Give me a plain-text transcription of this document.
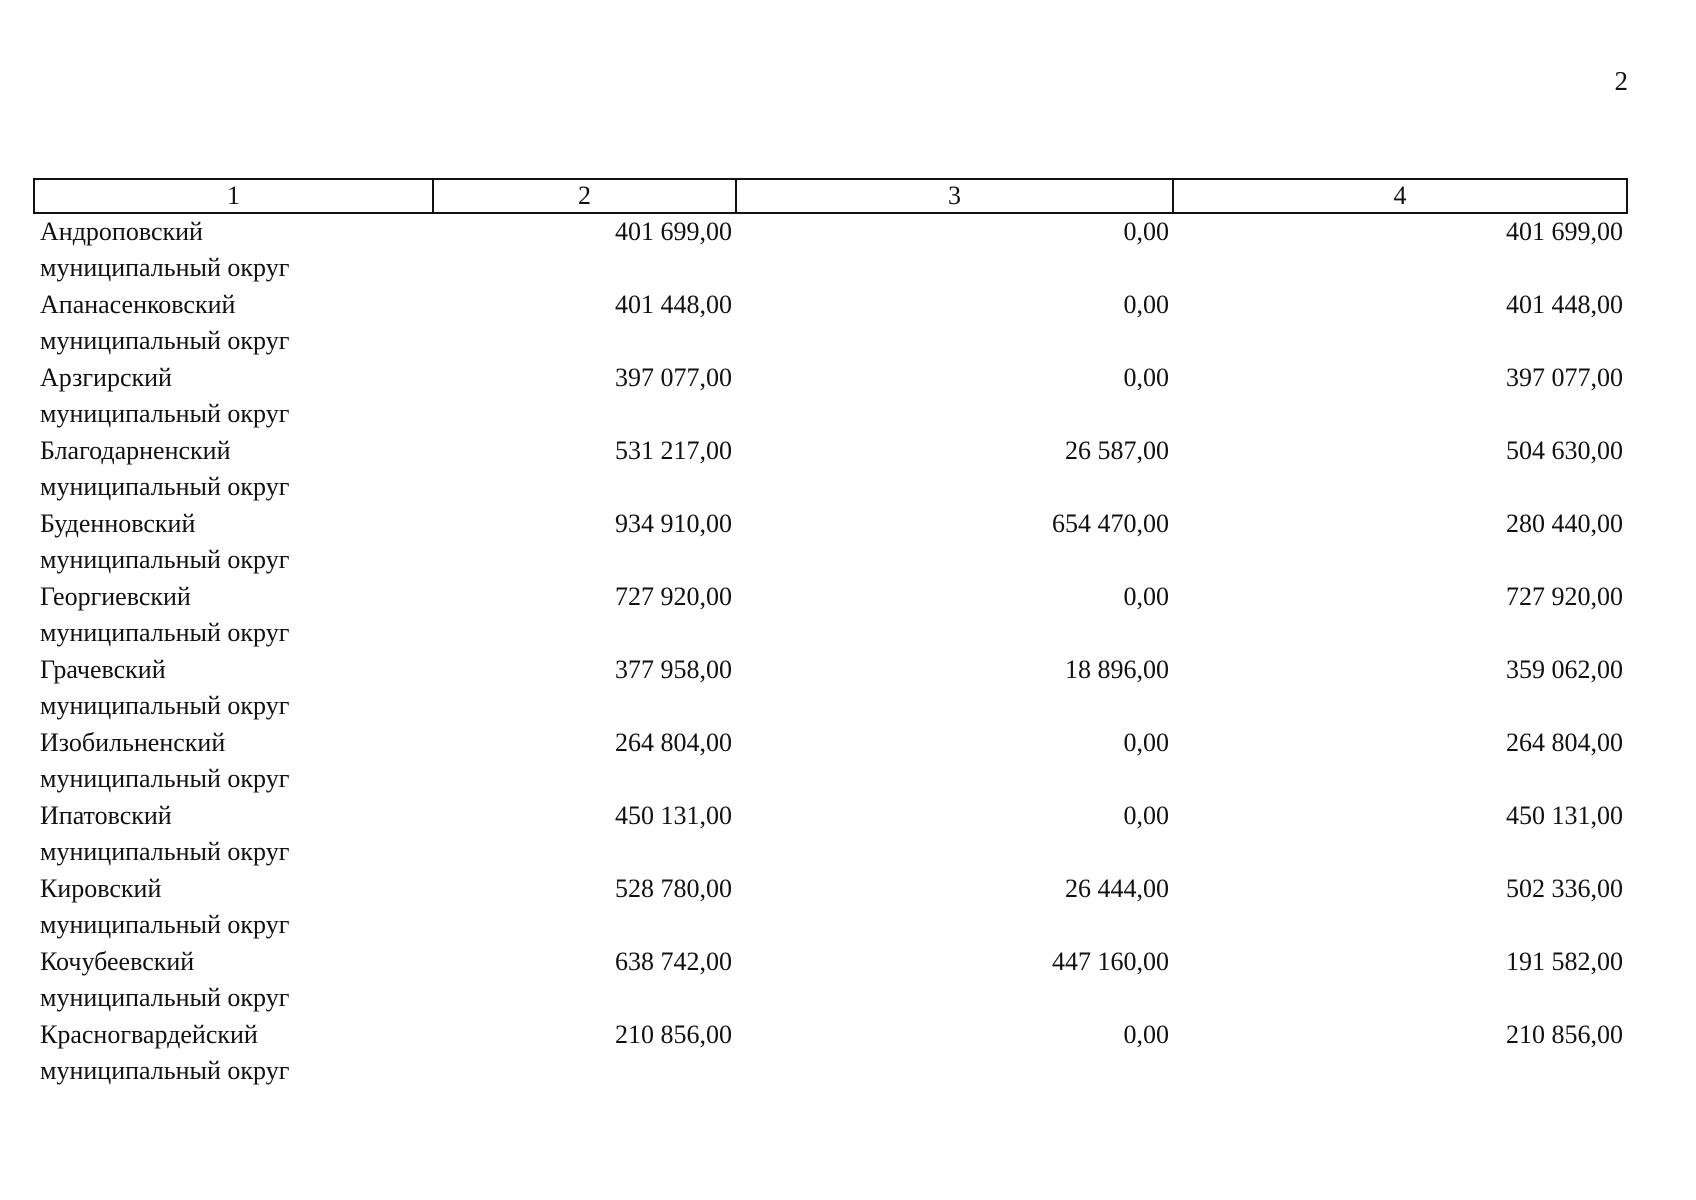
2
1	2	3	4

Андроповский
муниципальный округ	401 699,00	0,00	401 699,00

Апанасенковский
муниципальный округ	401 448,00	0,00	401 448,00

Арзгирский
муниципальный округ	397 077,00	0,00	397 077,00

Благодарненский
муниципальный округ	531 217,00	26 587,00	504 630,00

Буденновский
муниципальный округ	934 910,00	654 470,00	280 440,00

Георгиевский
муниципальный округ	727 920,00	0,00	727 920,00

Грачевский
муниципальный округ	377 958,00	18 896,00	359 062,00

Изобильненский
муниципальный округ	264 804,00	0,00	264 804,00

Ипатовский
муниципальный округ	450 131,00	0,00	450 131,00

Кировский
муниципальный округ	528 780,00	26 444,00	502 336,00

Кочубеевский
муниципальный округ	638 742,00	447 160,00	191 582,00

Красногвардейский
муниципальный округ	210 856,00	0,00	210 856,00
